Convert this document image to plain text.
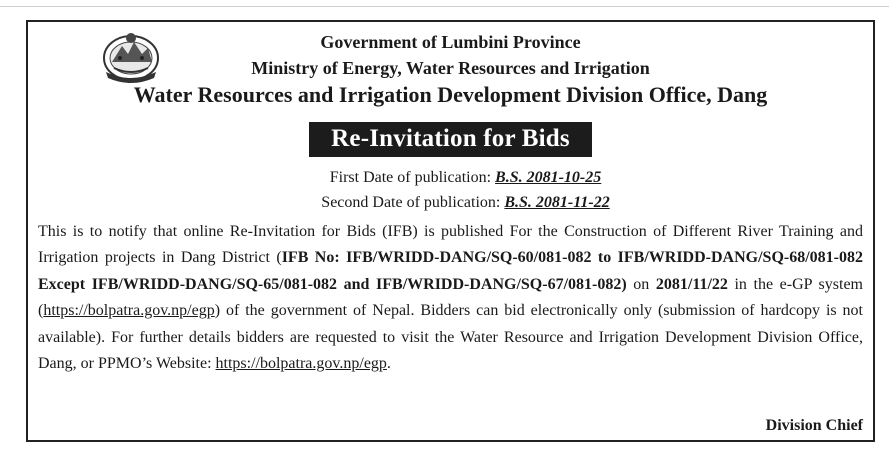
Government of Lumbini Province
Ministry of Energy, Water Resources and Irrigation
Water Resources and Irrigation Development Division Office, Dang
Re-Invitation for Bids
First Date of publication: B.S. 2081-10-25
Second Date of publication: B.S. 2081-11-22
This is to notify that online Re-Invitation for Bids (IFB) is published For the Construction of Different River Training and Irrigation projects in Dang District (IFB No: IFB/WRIDD-DANG/SQ-60/081-082 to IFB/WRIDD-DANG/SQ-68/081-082 Except IFB/WRIDD-DANG/SQ-65/081-082 and IFB/WRIDD-DANG/SQ-67/081-082) on 2081/11/22 in the e-GP system (https://bolpatra.gov.np/egp) of the government of Nepal. Bidders can bid electronically only (submission of hardcopy is not available). For further details bidders are requested to visit the Water Resource and Irrigation Development Division Office, Dang, or PPMO’s Website: https://bolpatra.gov.np/egp.
Division Chief
